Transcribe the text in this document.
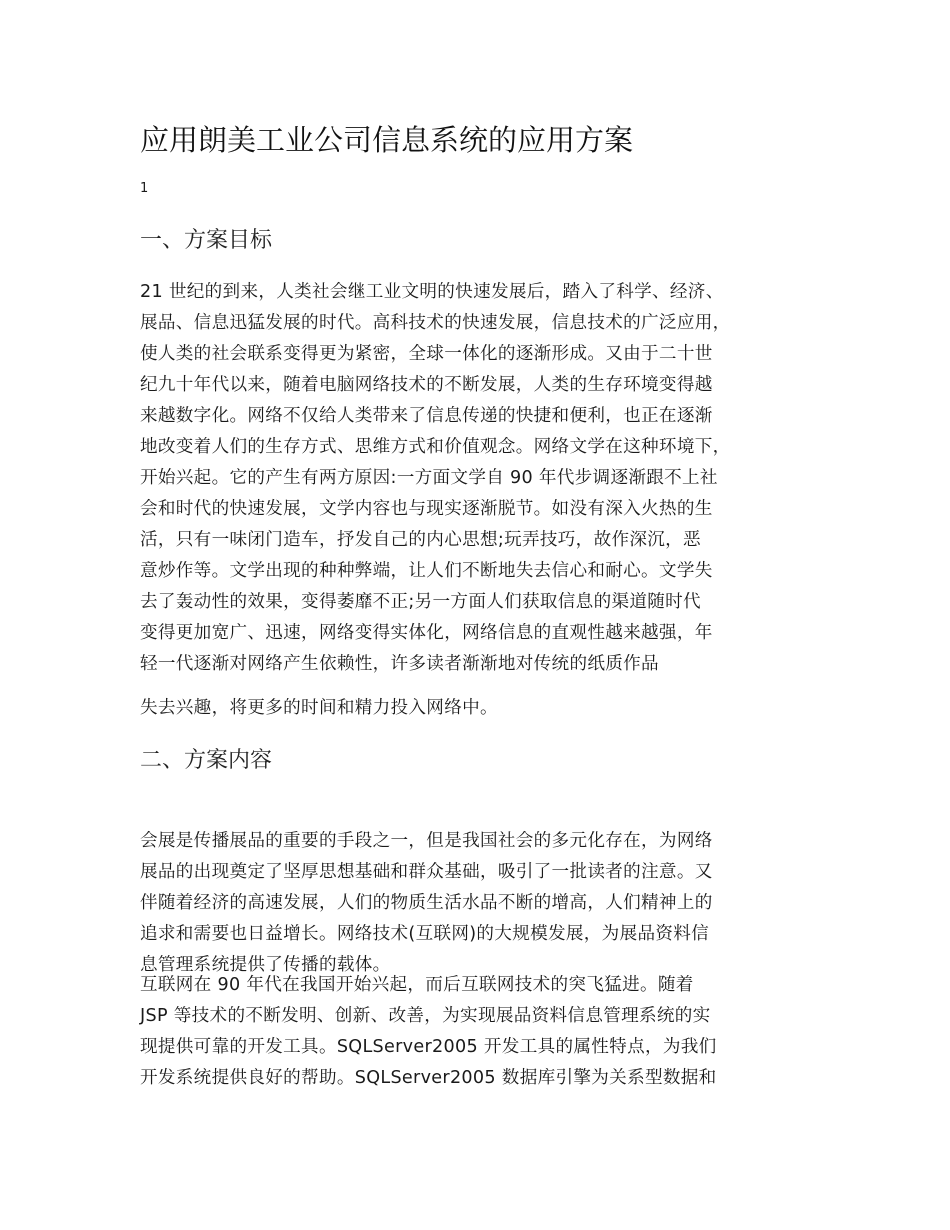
应用朗美工业公司信息系统的应用方案
1
一、方案目标
21 世纪的到来，人类社会继工业文明的快速发展后，踏入了科学、经济、
展品、信息迅猛发展的时代。高科技术的快速发展，信息技术的广泛应用，
使人类的社会联系变得更为紧密，全球一体化的逐渐形成。又由于二十世
纪九十年代以来，随着电脑网络技术的不断发展，人类的生存环境变得越
来越数字化。网络不仅给人类带来了信息传递的快捷和便利，也正在逐渐
地改变着人们的生存方式、思维方式和价值观念。网络文学在这种环境下，
开始兴起。它的产生有两方原因:一方面文学自 90 年代步调逐渐跟不上社
会和时代的快速发展，文学内容也与现实逐渐脱节。如没有深入火热的生
活，只有一味闭门造车，抒发自己的内心思想;玩弄技巧，故作深沉，恶
意炒作等。文学出现的种种弊端，让人们不断地失去信心和耐心。文学失
去了轰动性的效果，变得萎靡不正;另一方面人们获取信息的渠道随时代
变得更加宽广、迅速，网络变得实体化，网络信息的直观性越来越强，年
轻一代逐渐对网络产生依赖性，许多读者渐渐地对传统的纸质作品
失去兴趣，将更多的时间和精力投入网络中。
二、方案内容
会展是传播展品的重要的手段之一，但是我国社会的多元化存在，为网络
展品的出现奠定了坚厚思想基础和群众基础，吸引了一批读者的注意。又
伴随着经济的高速发展，人们的物质生活水品不断的增高，人们精神上的
追求和需要也日益增长。网络技术(互联网)的大规模发展，为展品资料信
息管理系统提供了传播的载体。
互联网在 90 年代在我国开始兴起，而后互联网技术的突飞猛进。随着
JSP 等技术的不断发明、创新、改善，为实现展品资料信息管理系统的实
现提供可靠的开发工具。SQLServer2005 开发工具的属性特点，为我们
开发系统提供良好的帮助。SQLServer2005 数据库引擎为关系型数据和
